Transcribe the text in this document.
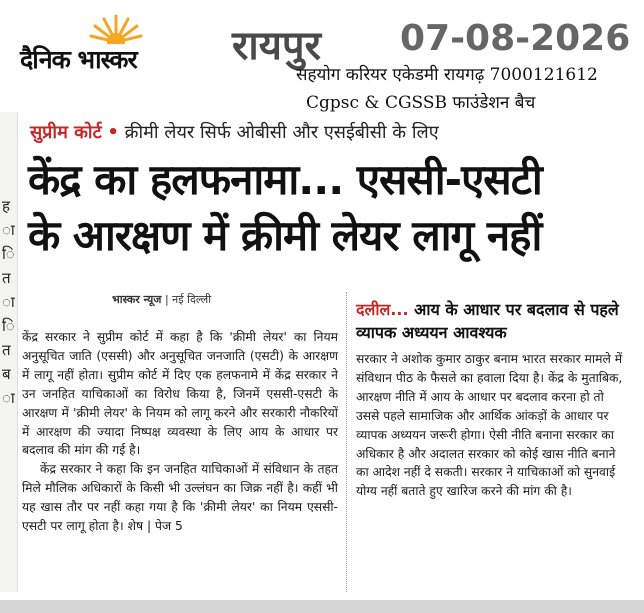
दैनिक भास्कर रायपुर 07-08-2026
सहयोग करियर एकेडमी रायगढ़ 7000121612
Cgpsc & CGSSB फाउंडेशन बैच
ह
ा
ि
त
ा
ि
त
ब
ा
सुप्रीम कोर्ट • क्रीमी लेयर सिर्फ ओबीसी और एसईबीसी के लिए
केंद्र का हलफनामा... एससी-एसटी
के आरक्षण में क्रीमी लेयर लागू नहीं
भास्कर न्यूज | नई दिल्ली

केंद्र सरकार ने सुप्रीम कोर्ट में कहा है कि 'क्रीमी लेयर' का नियम अनुसूचित जाति (एससी) और अनुसूचित जनजाति (एसटी) के आरक्षण में लागू नहीं होता। सुप्रीम कोर्ट में दिए एक हलफनामे में केंद्र सरकार ने उन जनहित याचिकाओं का विरोध किया है, जिनमें एससी-एसटी के आरक्षण में 'क्रीमी लेयर' के नियम को लागू करने और सरकारी नौकरियों में आरक्षण की ज्यादा निष्पक्ष व्यवस्था के लिए आय के आधार पर बदलाव की मांग की गई है।

केंद्र सरकार ने कहा कि इन जनहित याचिकाओं में संविधान के तहत मिले मौलिक अधिकारों के किसी भी उल्लंघन का जिक्र नहीं है। कहीं भी यह खास तौर पर नहीं कहा गया है कि 'क्रीमी लेयर' का नियम एससी-एसटी पर लागू होता है। शेष | पेज 5

दलील... आय के आधार पर बदलाव से पहले व्यापक अध्ययन आवश्यक

सरकार ने अशोक कुमार ठाकुर बनाम भारत सरकार मामले में संविधान पीठ के फैसले का हवाला दिया है। केंद्र के मुताबिक, आरक्षण नीति में आय के आधार पर बदलाव करना हो तो उससे पहले सामाजिक और आर्थिक आंकड़ों के आधार पर व्यापक अध्ययन जरूरी होगा। ऐसी नीति बनाना सरकार का अधिकार है और अदालत सरकार को कोई खास नीति बनाने का आदेश नहीं दे सकती। सरकार ने याचिकाओं को सुनवाई योग्य नहीं बताते हुए खारिज करने की मांग की है।
